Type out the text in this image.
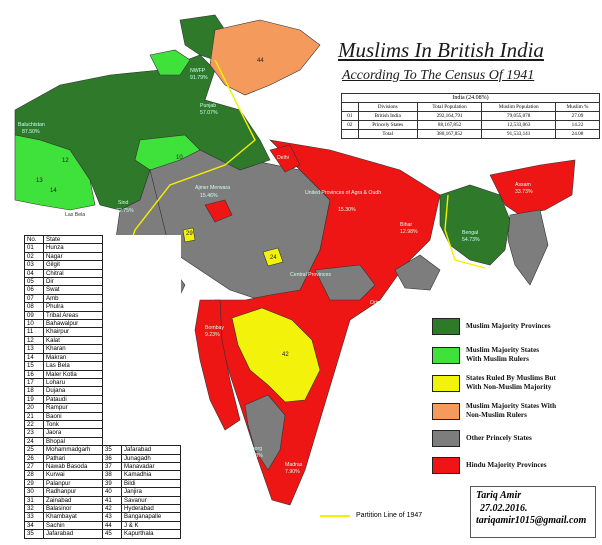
Baluchistan
87.50%
NWFP
91.79%
Punjab
57.07%
Sind
72.75%
Las Bela
Ajmer Merwara
15.46%
Delhi
United Provinces of Agra & Oudh
15.30%
Bihar
12.98%	Bengal
54.73%
Assam
33.73%
Central Provinces
Orissa
Bombay
9.23%
Madras
7.90%
Coorg
8.73%
44
10
12
13
14
42
24
29
Muslims In British India
According To The Census Of 1941
India (24.08%)				
	Divisions	Total Population	Muslim Population	Muslim %
01	British India	292,164,791	79,055,078	27.09
02	Princely States	88,167,852	12,533,063	14.22
	Total	380,167,852	91,533,141	24.08
No.	State		
01	Hunza		
02	Nagar		
03	Gilgit		
04	Chitral		
05	Dir		
06	Swat		
07	Amb		
08	Phulra		
09	Tribal Areas		
10	Bahawalpur		
11	Khairpur		
12	Kalat		
13	Kharan		
14	Makran		
15	Las Bela		
16	Maler Kotla		
17	Loharu		
18	Dujana		
19	Pataudi		
20	Rampur		
21	Baoni		
22	Tonk		
23	Jaora		
24	Bhopal		
25	Mohammadgarh	35	Jafarabad
26	Pathari	36	Junagadh
27	Nawab Basoda	37	Manavadar
28	Kurwai	38	Kamadhia
29	Palanpur	39	Bildi
30	Radhanpur	40	Janjira
31	Zainabad	41	Savanur
32	Balasinor	42	Hyderabad
33	Khambayat	43	Banganapalle
34	Sachin	44	J & K
35	Jafarabad	45	Kapurthala
Muslim Majority Provinces
Muslim Majority States
With Muslim Rulers
States Ruled By Muslims But
With Non-Muslim Majority
Muslim Majority States With
Non-Muslim Rulers
Other Princely States
Hindu Majority Provinces
Partition Line of 1947
Tariq Amir
27.02.2016.
tariqamir1015@gmail.com
